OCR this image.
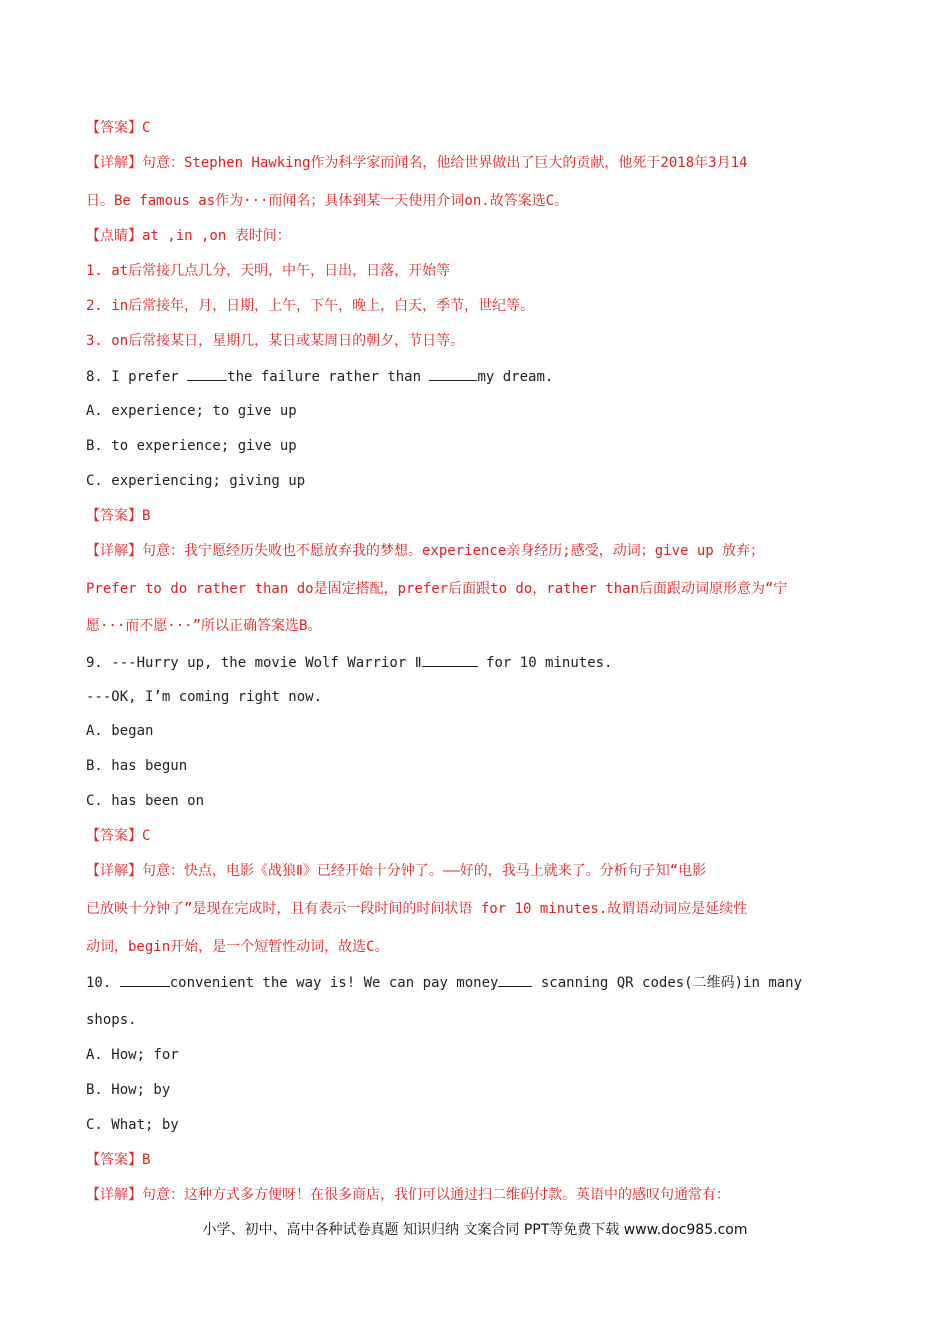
【答案】C
【详解】句意：Stephen Hawking作为科学家而闻名，他给世界做出了巨大的贡献，他死于2018年3月14
日。Be famous as作为···而闻名；具体到某一天使用介词on.故答案选C。
【点睛】at ,in ,on 表时间：
1. at后常接几点几分，天明，中午，日出，日落，开始等
2. in后常接年，月，日期，上午，下午，晚上，白天，季节，世纪等。
3. on后常接某日，星期几，某日或某周日的朝夕，节日等。
8. I prefer	the failure rather than	my dream.
A. experience; to give up
B. to experience; give up
C. experiencing; giving up
【答案】B
【详解】句意：我宁愿经历失败也不愿放弃我的梦想。experience亲身经历;感受，动词；give up 放弃；
Prefer to do rather than do是固定搭配，prefer后面跟to do，rather than后面跟动词原形意为“宁
愿···而不愿···”所以正确答案选B。
9. ---Hurry up, the movie Wolf Warrior Ⅱ	for 10 minutes.
---OK, I’m coming right now.
A. began
B. has begun
C. has been on
【答案】C
【详解】句意：快点，电影《战狼Ⅱ》已经开始十分钟了。——好的，我马上就来了。分析句子知“电影
已放映十分钟了”是现在完成时，且有表示一段时间的时间状语 for 10 minutes.故谓语动词应是延续性
动词，begin开始，是一个短暂性动词，故选C。
10.	convenient the way is! We can pay money scanning QR codes(二维码)in many
shops.
A. How; for
B. How; by
C. What; by
【答案】B
【详解】句意：这种方式多方便呀！在很多商店，我们可以通过扫二维码付款。英语中的感叹句通常有：
小学、初中、高中各种试卷真题 知识归纳 文案合同 PPT等免费下载 www.doc985.com
